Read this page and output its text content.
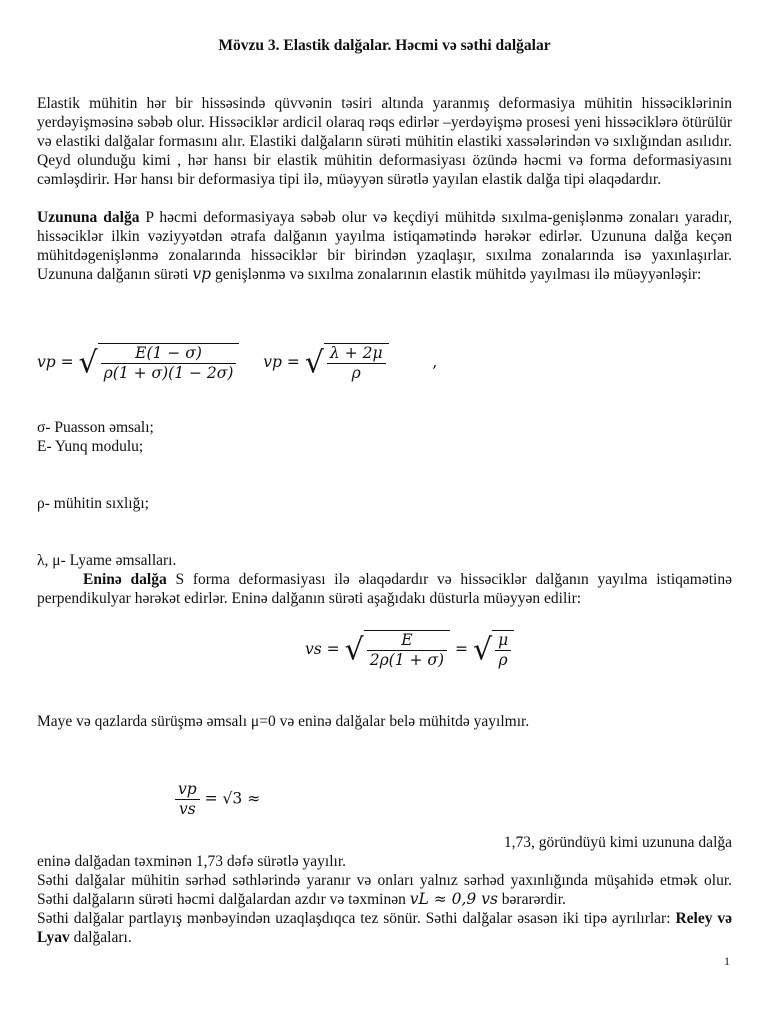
Mövzu 3. Elastik dalğalar. Həcmi və səthi dalğalar

Elastik mühitin hər bir hissəsində qüvvənin təsiri altında yaranmış deformasiya mühitin hissəciklərinin yerdəyişməsinə səbəb olur. Hissəciklər ardicil olaraq rəqs edirlər –yerdəyişmə prosesi yeni hissəciklərə ötürülür və elastiki dalğalar formasını alır. Elastiki dalğaların sürəti mühitin elastiki xassələrindən və sıxlığından asılıdır. Qeyd olunduğu kimi , hər hansı bir elastik mühitin deformasiyası özündə həcmi və forma deformasiyasını cəmləşdirir. Hər hansı bir deformasiya tipi ilə, müəyyən sürətlə yayılan elastik dalğa tipi əlaqədardır.

Uzununa dalğa P həcmi deformasiyaya səbəb olur və keçdiyi mühitdə sıxılma-genişlənmə zonaları yaradır, hissəciklər ilkin vəziyyətdən ətrafa dalğanın yayılma istiqamətində hərəkər edirlər. Uzununa dalğa keçən mühitdəgenişlənmə zonalarında hissəciklər bir birindən yzaqlaşır, sıxılma zonalarında isə yaxınlaşırlar. Uzununa dalğanın sürəti vp genişlənmə və sıxılma zonalarının elastik mühitdə yayılması ilə müəyyənləşir:

vp = √ $\frac{E(1 - \sigma)}{\rho(1 + \sigma)(1 - 2\sigma)}$ vp = √ $\frac{\lambda + 2\mu}{\rho}$	,
σ- Puasson əmsalı;
E- Yunq modulu;
ρ- mühitin sıxlığı;
λ, μ- Lyame əmsalları.

Eninə dalğa S forma deformasiyası ilə əlaqədardır və hissəciklər dalğanın yayılma istiqamətinə perpendikulyar hərəkət edirlər. Eninə dalğanın sürəti aşağıdakı düsturla müəyyən edilir:

vs = √ $\frac{E}{2\rho(1 + \sigma)}$ = √ $\frac{\mu}{\rho}$
Maye və qazlarda sürüşmə əmsalı μ=0 və eninə dalğalar belə mühitdə yayılmır.
$\frac{vp}{vs} = √3$ ≈
1,73, göründüyü kimi uzununa dalğa
eninə dalğadan təxminən 1,73 dəfə sürətlə yayılır.

Səthi dalğalar mühitin sərhəd səthlərində yaranır və onları yalnız sərhəd yaxınlığında müşahidə etmək olur. Səthi dalğaların sürəti həcmi dalğalardan azdır və təxminən vL ≈ 0,9 vs bərarərdir.

Səthi dalğalar partlayış mənbəyindən uzaqlaşdıqca tez sönür. Səthi dalğalar əsasən iki tipə ayrılırlar: Reley və Lyav dalğaları.

1
